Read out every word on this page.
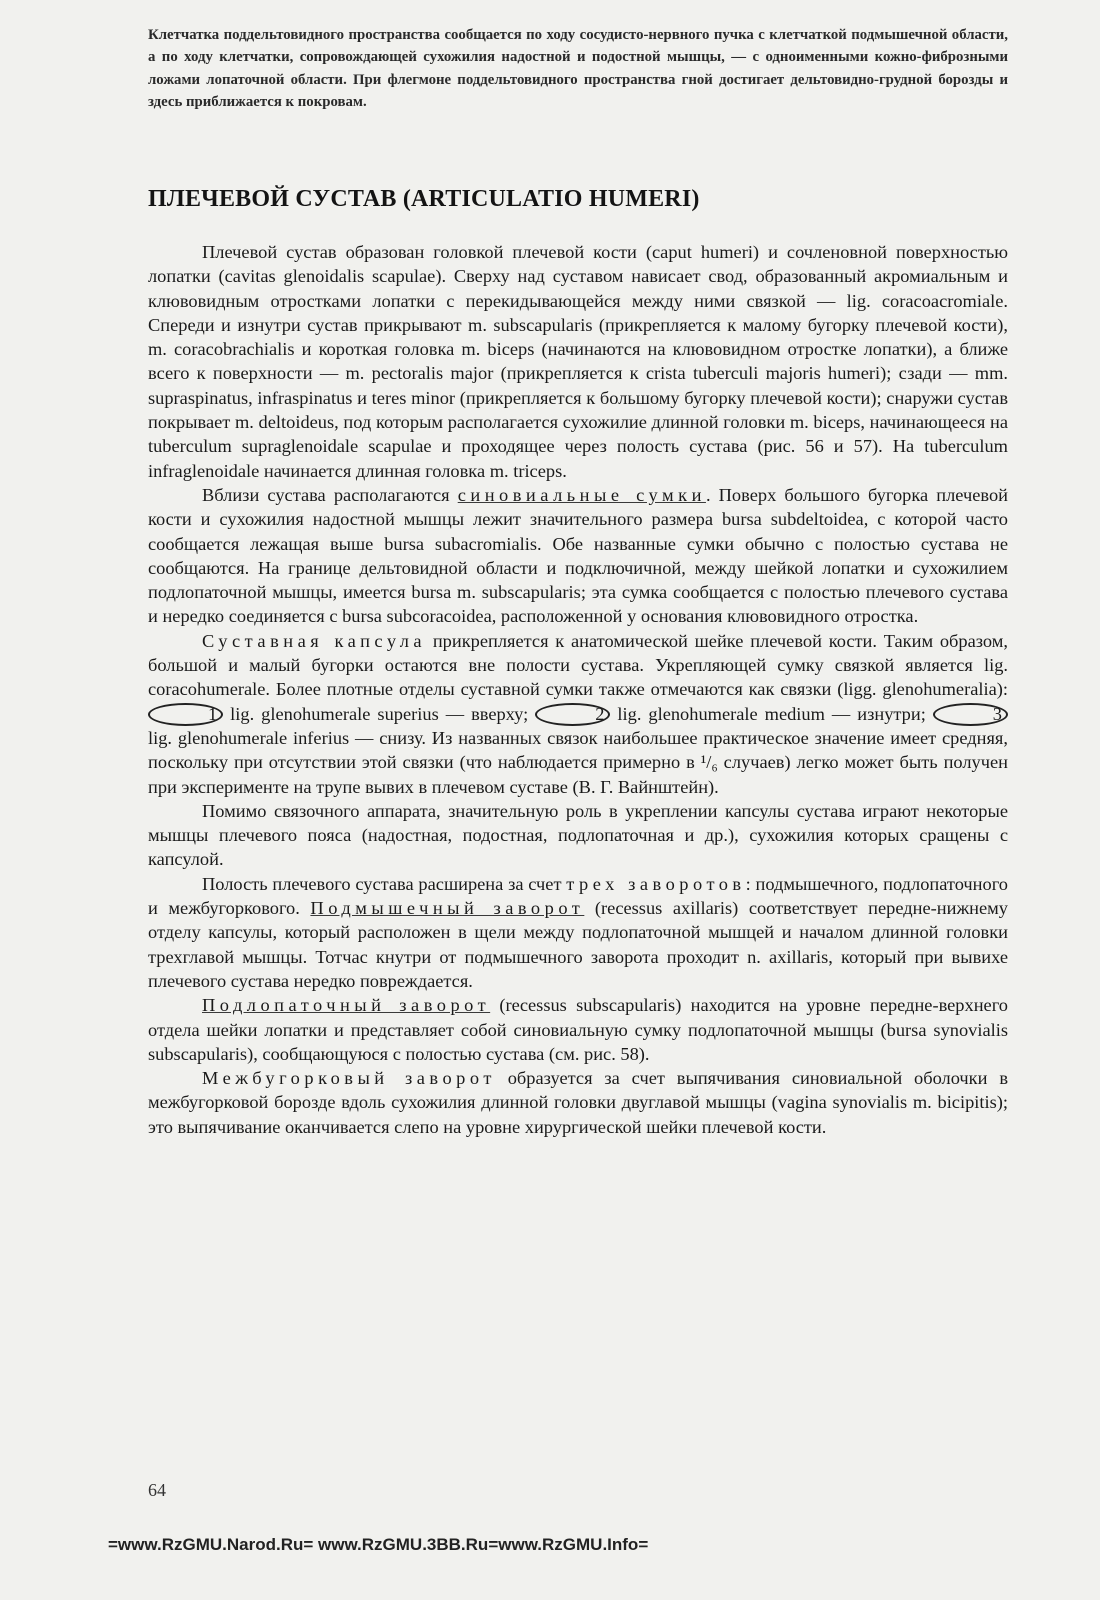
Клетчатка поддельтовидного пространства сообщается по ходу сосудисто-нервного пучка с клетчаткой подмышечной области, а по ходу клетчатки, сопровождающей сухожилия надостной и подостной мышцы, — с одноименными кожно-фиброзными ложами лопаточной области. При флегмоне поддельтовидного пространства гной достигает дельтовидно-грудной борозды и здесь приближается к покровам.
ПЛЕЧЕВОЙ СУСТАВ (ARTICULATIO HUMERI)

Плечевой сустав образован головкой плечевой кости (caput humeri) и сочленовной поверхностью лопатки (cavitas glenoidalis scapulae). Сверху над суставом нависает свод, образованный акромиальным и клювовидным отростками лопатки с перекидывающейся между ними связкой — lig. coracoacromiale. Спереди и изнутри сустав прикрывают m. subscapularis (прикрепляется к малому бугорку плечевой кости), m. coracobrachialis и короткая головка m. biceps (начинаются на клювовидном отростке лопатки), а ближе всего к поверхности — m. pectoralis major (прикрепляется к crista tuberculi majoris humeri); сзади — mm. supraspinatus, infraspinatus и teres minor (прикрепляется к большому бугорку плечевой кости); снаружи сустав покрывает m. deltoideus, под которым располагается сухожилие длинной головки m. biceps, начинающееся на tuberculum supraglenoidale scapulae и проходящее через полость сустава (рис. 56 и 57). На tuberculum infraglenoidale начинается длинная головка m. triceps.

Вблизи сустава располагаются синовиальные сумки. Поверх большого бугорка плечевой кости и сухожилия надостной мышцы лежит значительного размера bursa subdeltoidea, с которой часто сообщается лежащая выше bursa subacromialis. Обе названные сумки обычно с полостью сустава не сообщаются. На границе дельтовидной области и подключичной, между шейкой лопатки и сухожилием подлопаточной мышцы, имеется bursa m. subscapularis; эта сумка сообщается с полостью плечевого сустава и нередко соединяется с bursa subcoracoidea, расположенной у основания клювовидного отростка.

Суставная капсула прикрепляется к анатомической шейке плечевой кости. Таким образом, большой и малый бугорки остаются вне полости сустава. Укрепляющей сумку связкой является lig. coracohumerale. Более плотные отделы суставной сумки также отмечаются как связки (ligg. glenohumeralia): 1 lig. glenohumerale superius — вверху;	2 lig. glenohumerale medium — изнутри;	3 lig. glenohumerale inferius — снизу. Из названных связок наибольшее практическое значение имеет средняя, поскольку при отсутствии этой связки (что наблюдается примерно в ¹/₆ случаев) легко может быть получен при эксперименте на трупе вывих в плечевом суставе (В. Г. Вайнштейн).

Помимо связочного аппарата, значительную роль в укреплении капсулы сустава играют некоторые мышцы плечевого пояса (надостная, подостная, подлопаточная и др.), сухожилия которых сращены с капсулой.

Полость плечевого сустава расширена за счет трех заворотов: подмышечного, подлопаточного и межбугоркового. Подмышечный заворот (recessus axillaris) соответствует передне-нижнему отделу капсулы, который расположен в щели между подлопаточной мышцей и началом длинной головки трехглавой мышцы. Тотчас кнутри от подмышечного заворота проходит n. axillaris, который при вывихе плечевого сустава нередко повреждается.

Подлопаточный заворот (recessus subscapularis) находится на уровне передне-верхнего отдела шейки лопатки и представляет собой синовиальную сумку подлопаточной мышцы (bursa synovialis subscapularis), сообщающуюся с полостью сустава (см. рис. 58).

Межбугорковый заворот образуется за счет выпячивания синовиальной оболочки в межбугорковой борозде вдоль сухожилия длинной головки двуглавой мышцы (vagina synovialis m. bicipitis); это выпячивание оканчивается слепо на уровне хирургической шейки плечевой кости.

64
=www.RzGMU.Narod.Ru= www.RzGMU.3BB.Ru=www.RzGMU.Info=
